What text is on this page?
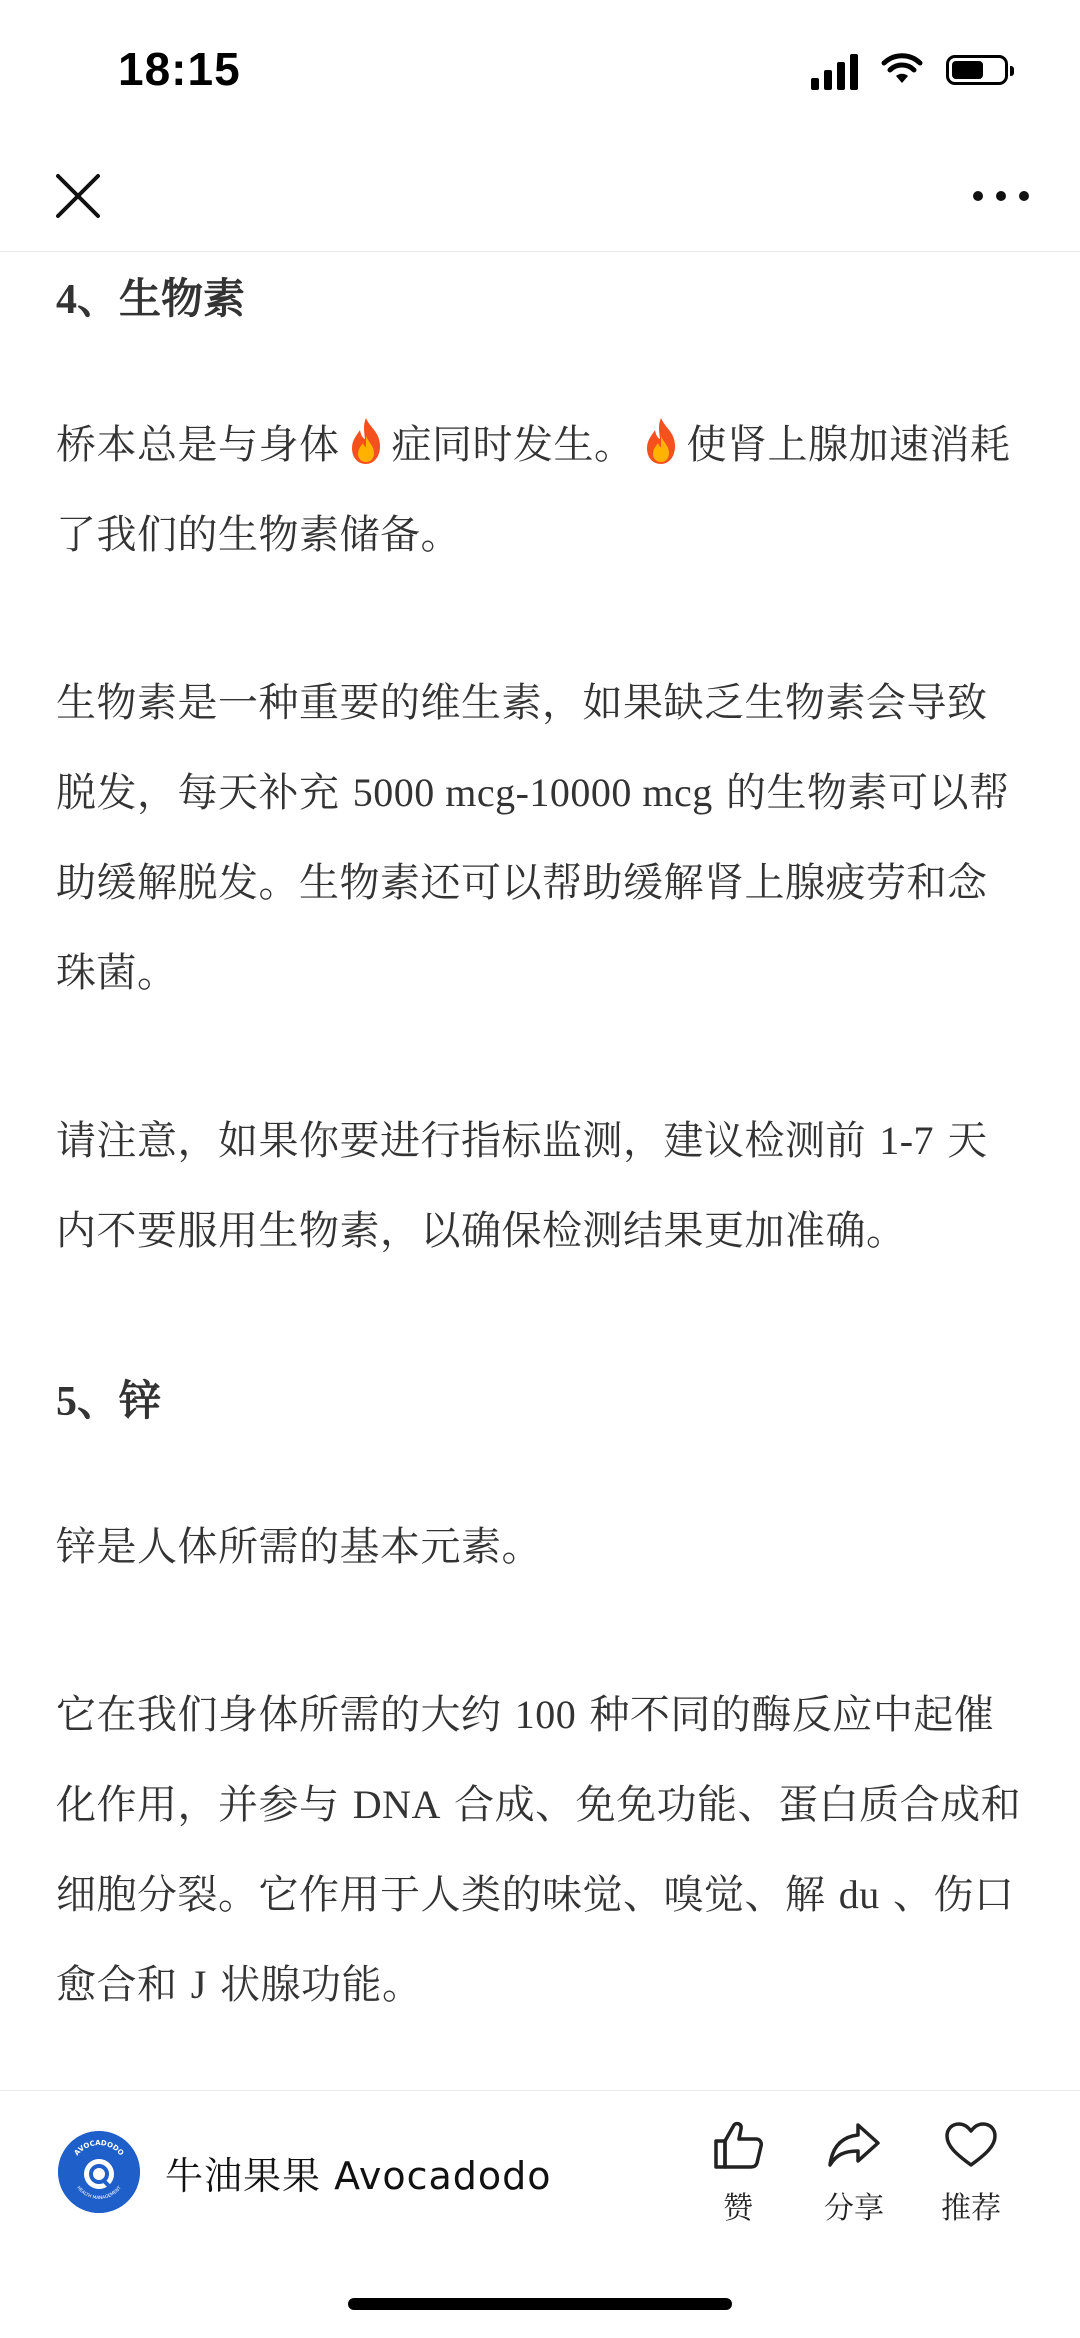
18:15
4、生物素

桥本总是与身体 症同时发生。 使肾上腺加速消耗了我们的生物素储备。

生物素是一种重要的维生素，如果缺乏生物素会导致脱发，每天补充 5000 mcg-10000 mcg 的生物素可以帮助缓解脱发。生物素还可以帮助缓解肾上腺疲劳和念珠菌。

请注意，如果你要进行指标监测，建议检测前 1-7 天内不要服用生物素，以确保检测结果更加准确。

5、锌

锌是人体所需的基本元素。

它在我们身体所需的大约 100 种不同的酶反应中起催化作用，并参与 DNA 合成、免免功能、蛋白质合成和细胞分裂。它作用于人类的味觉、嗅觉、解 du 、伤口愈合和 J 状腺功能。

AVOCADODO
HEALTH MANAGEMENT 牛油果果 Avocadodo
赞 分享 推荐
